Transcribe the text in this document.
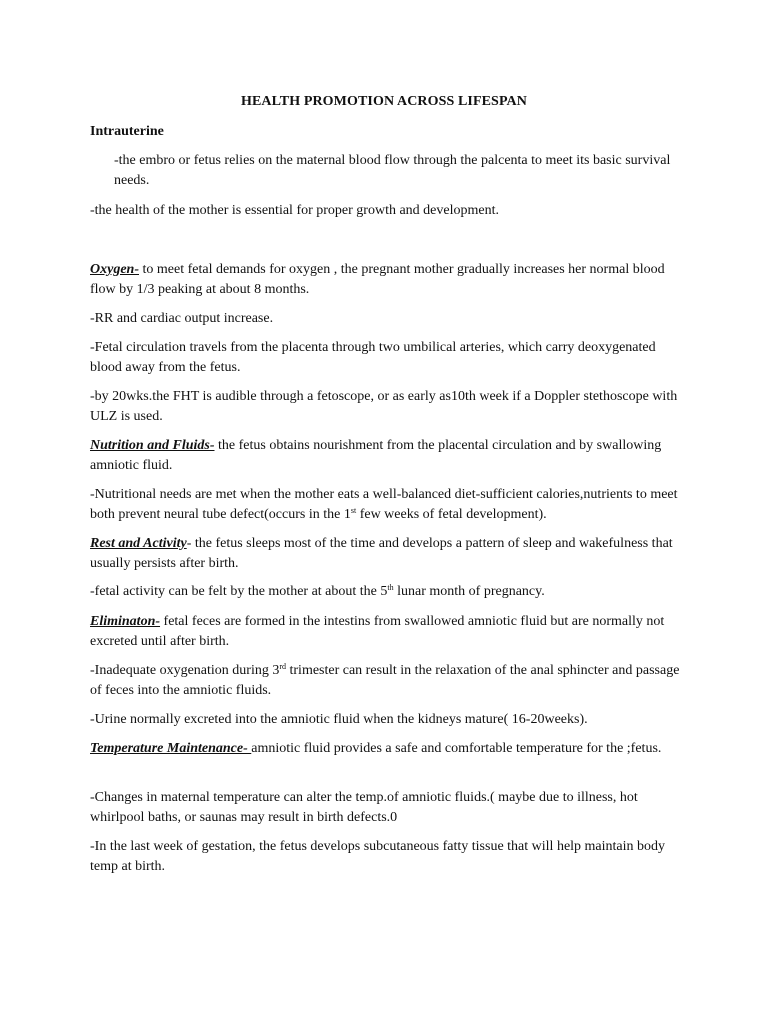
HEALTH PROMOTION ACROSS LIFESPAN
Intrauterine
-the embro or fetus relies on the maternal blood flow through the palcenta to meet its basic survival needs.
-the health of the mother is essential for proper growth and development.
Oxygen- to meet fetal demands for oxygen , the pregnant mother gradually increases her normal blood flow by 1/3 peaking at about 8 months.
-RR and cardiac output increase.
-Fetal circulation travels from the placenta through two umbilical arteries, which carry deoxygenated blood away from the fetus.
-by 20wks.the FHT is audible through a fetoscope, or as early as10th week if a Doppler stethoscope with ULZ is used.
Nutrition and Fluids- the fetus obtains nourishment from the placental circulation and by swallowing amniotic fluid.
-Nutritional needs are met when the mother eats a well-balanced diet-sufficient calories,nutrients to meet both prevent neural tube defect(occurs in the 1st few weeks of fetal development).
Rest and Activity- the fetus sleeps most of the time and develops a pattern of sleep and wakefulness that usually persists after birth.
-fetal activity can be felt by the mother at about the 5th lunar month of pregnancy.
Eliminaton- fetal feces are formed in the intestins from swallowed amniotic fluid but are normally not excreted until after birth.
-Inadequate oxygenation during 3rd trimester can result in the relaxation of the anal sphincter and passage of feces into the amniotic fluids.
-Urine normally excreted into the amniotic fluid when the kidneys mature( 16-20weeks).
Temperature Maintenance- amniotic fluid provides a safe and comfortable temperature for the ;fetus.
-Changes in maternal temperature can alter the temp.of amniotic fluids.( maybe due to illness, hot whirlpool baths, or saunas may result in birth defects.0
-In the last week of gestation, the fetus develops subcutaneous fatty tissue that will help maintain body temp at birth.
